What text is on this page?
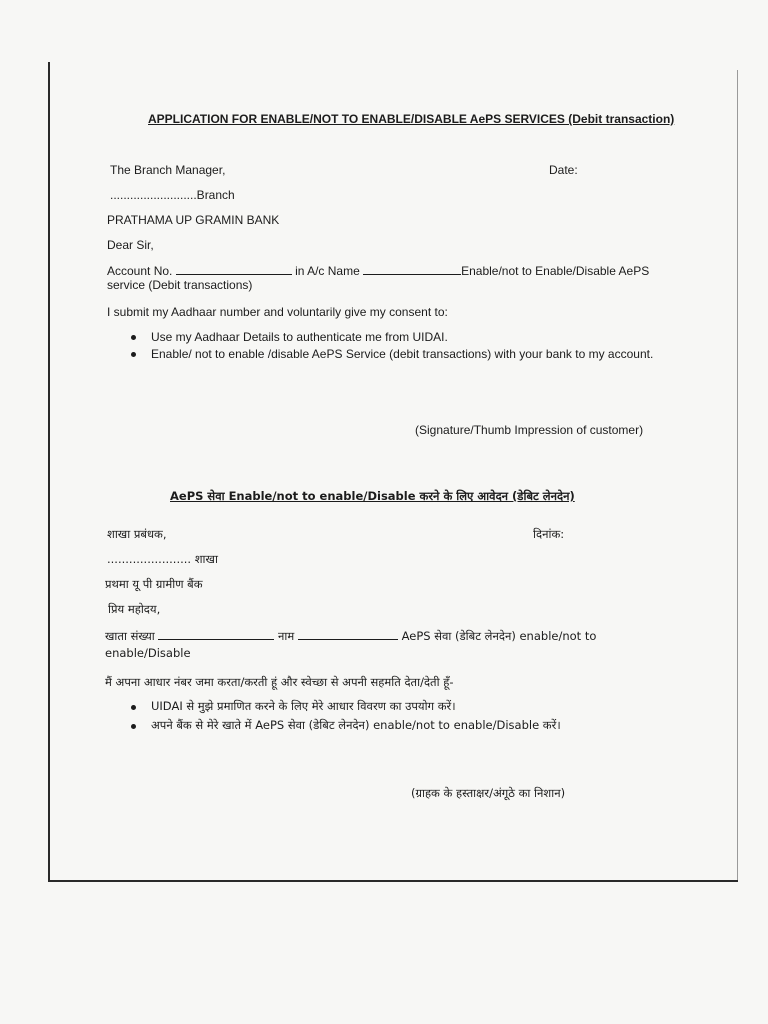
APPLICATION FOR ENABLE/NOT TO ENABLE/DISABLE AePS SERVICES (Debit transaction)
The Branch Manager,	Date:
..........................Branch
PRATHAMA UP GRAMIN BANK
Dear Sir,
Account No.	in A/c Name	Enable/not to Enable/Disable AePS
service (Debit transactions)
I submit my Aadhaar number and voluntarily give my consent to:
Use my Aadhaar Details to authenticate me from UIDAI.
Enable/ not to enable /disable AePS Service (debit transactions) with your bank to my account.
(Signature/Thumb Impression of customer)
AePS सेवा Enable/not to enable/Disable करने के लिए आवेदन (डेबिट लेनदेन)
शाखा प्रबंधक,	दिनांक:
....................... शाखा
प्रथमा यू पी ग्रामीण बैंक
प्रिय महोदय,
खाता संख्या	नाम	AePS सेवा (डेबिट लेनदेन) enable/not to
enable/Disable
मैं अपना आधार नंबर जमा करता/करती हूं और स्वेच्छा से अपनी सहमति देता/देती हूँ-
UIDAI से मुझे प्रमाणित करने के लिए मेरे आधार विवरण का उपयोग करें।
अपने बैंक से मेरे खाते में AePS सेवा (डेबिट लेनदेन) enable/not to enable/Disable करें।
(ग्राहक के हस्ताक्षर/अंगूठे का निशान)
